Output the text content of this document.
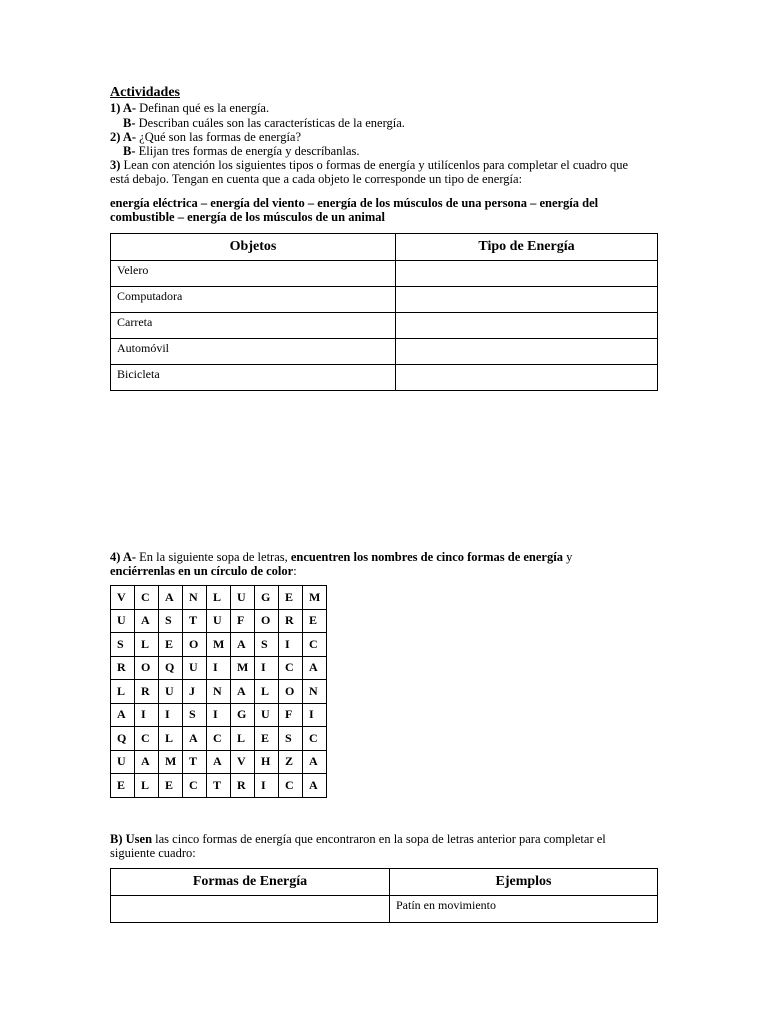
Actividades
1) A- Definan qué es la energía.
B- Describan cuáles son las características de la energía.
2) A- ¿Qué son las formas de energía?
B- Elijan tres formas de energía y descríbanlas.
3) Lean con atención los siguientes tipos o formas de energía y utilícenlos para completar el cuadro que
está debajo. Tengan en cuenta que a cada objeto le corresponde un tipo de energía:
energía eléctrica – energía del viento – energía de los músculos de una persona – energía del
combustible – energía de los músculos de un animal
Objetos	Tipo de Energía
Velero	
Computadora	
Carreta	
Automóvil	
Bicicleta	
4) A- En la siguiente sopa de letras, encuentren los nombres de cinco formas de energía y
enciérrenlas en un círculo de color:
V	C	A	N	L	U	G	E	M
U	A	S	T	U	F	O	R	E
S	L	E	O	M	A	S	I	C
R	O	Q	U	I	M	I	C	A
L	R	U	J	N	A	L	O	N
A	I	I	S	I	G	U	F	I
Q	C	L	A	C	L	E	S	C
U	A	M	T	A	V	H	Z	A
E	L	E	C	T	R	I	C	A
B) Usen las cinco formas de energía que encontraron en la sopa de letras anterior para completar el
siguiente cuadro:
Formas de Energía	Ejemplos
	Patín en movimiento
